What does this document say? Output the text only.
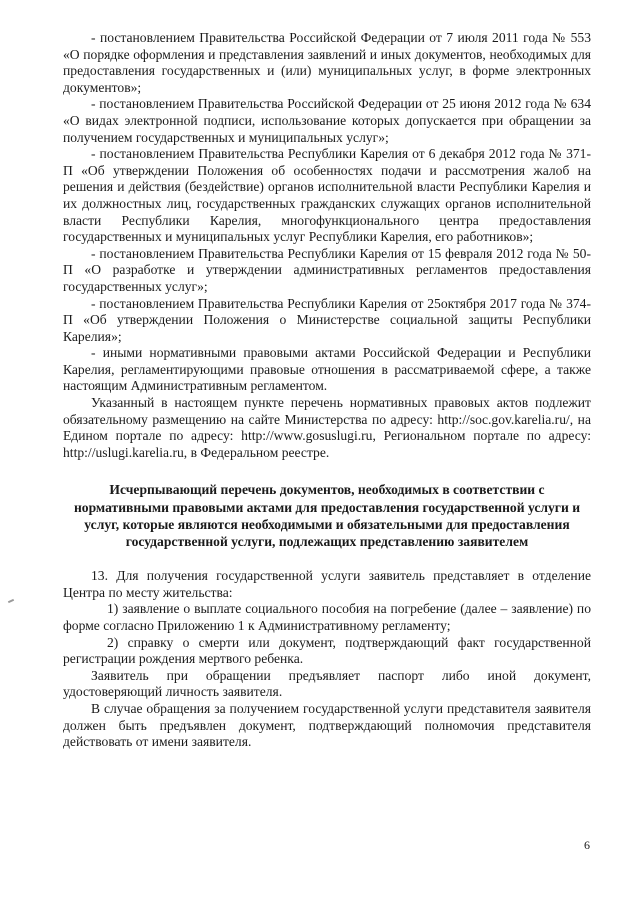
- постановлением Правительства Российской Федерации от 7 июля 2011 года № 553 «О порядке оформления и представления заявлений и иных документов, необходимых для предоставления государственных и (или) муниципальных услуг, в форме электронных документов»;

- постановлением Правительства Российской Федерации от 25 июня 2012 года № 634 «О видах электронной подписи, использование которых допускается при обращении за получением государственных и муниципальных услуг»;

- постановлением Правительства Республики Карелия от 6 декабря 2012 года № 371-П «Об утверждении Положения об особенностях подачи и рассмотрения жалоб на решения и действия (бездействие) органов исполнительной власти Республики Карелия и их должностных лиц, государственных гражданских служащих органов исполнительной власти Республики Карелия, многофункционального центра предоставления государственных и муниципальных услуг Республики Карелия, его работников»;

- постановлением Правительства Республики Карелия от 15 февраля 2012 года № 50-П «О разработке и утверждении административных регламентов предоставления государственных услуг»;

- постановлением Правительства Республики Карелия от 25октября 2017 года № 374-П «Об утверждении Положения о Министерстве социальной защиты Республики Карелия»;

- иными нормативными правовыми актами Российской Федерации и Республики Карелия, регламентирующими правовые отношения в рассматриваемой сфере, а также настоящим Административным регламентом.

Указанный в настоящем пункте перечень нормативных правовых актов подлежит обязательному размещению на сайте Министерства по адресу: http://soc.gov.karelia.ru/, на Едином портале по адресу: http://www.gosuslugi.ru, Региональном портале по адресу: http://uslugi.karelia.ru, в Федеральном реестре.

Исчерпывающий перечень документов, необходимых в соответствии с нормативными правовыми актами для предоставления государственной услуги и услуг, которые являются необходимыми и обязательными для предоставления государственной услуги, подлежащих представлению заявителем

13. Для получения государственной услуги заявитель представляет в отделение Центра по месту жительства:

1) заявление о выплате социального пособия на погребение (далее – заявление) по форме согласно Приложению 1 к Административному регламенту;

2) справку о смерти или документ, подтверждающий факт государственной регистрации рождения мертвого ребенка.

Заявитель при обращении предъявляет паспорт либо иной документ, удостоверяющий личность заявителя.

В случае обращения за получением государственной услуги представителя заявителя должен быть предъявлен документ, подтверждающий полномочия представителя действовать от имени заявителя.

6
